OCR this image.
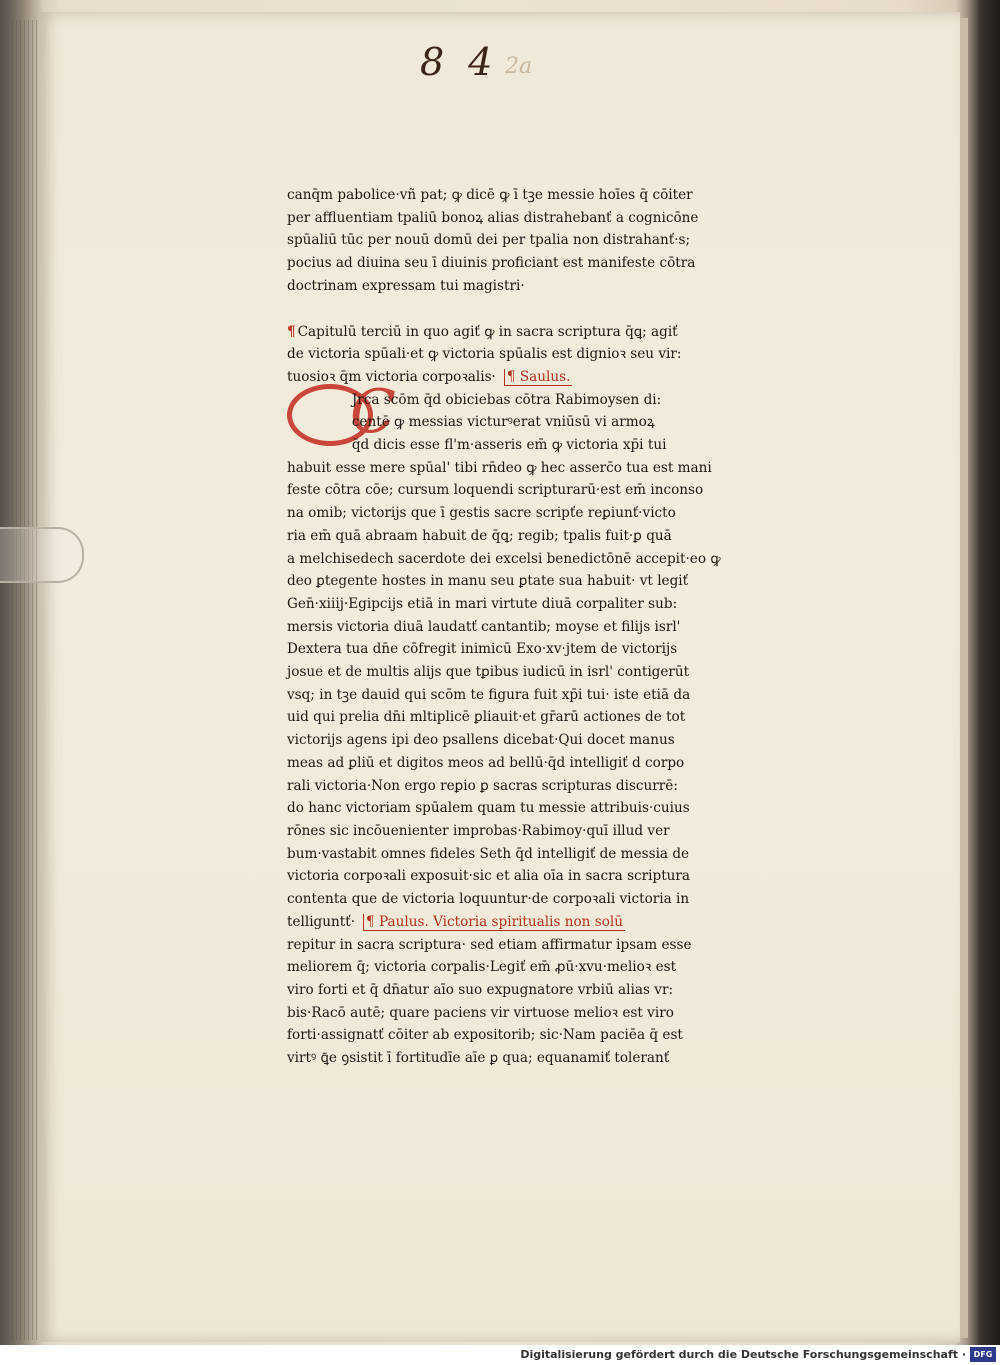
8 4 2a
C
canq̄m pabolice·vñ pat; ꝙ dicē ꝙ ī tꝫe messie hoīes q̄ cōiter
per affluentiam tpaliū bonoꝝ alias distrahebanť a cognicōne
spūaliū tūc per nouū domū dei per tpalia non distrahanť·s;
pocius ad diuina seu ī diuinis proficiant est manifeste cōtra
doctrinam expressam tui magistri·
¶ Capitulū terciū in quo agiť ꝙ in sacra scriptura q̄ꝗ; agiť
de victoria spūali·et ꝙ victoria spūalis est dignioꝛ seu vir:
tuosioꝛ q̄m victoria corpoꝛalis· ¶ Saulus.
Jrca scōm q̄d obiciebas cōtra Rabimoysen di:
centē ꝙ messias victurꝰerat vniūsū vi armoꝝ
q̄d dicis esse fl'm·asseris em̄ ꝙ victoria xp̄i tui
habuit esse mere spūal' tibi rn̄deo ꝙ hec asserc̄o tua est mani
feste cōtra cōe; cursum loquendi scripturarū·est em̄ inconso
na omib; victorijs que ī gestis sacre scripťe reꝑiunť·victo
ria em̄ quā abraam habuit de q̄ꝗ; regib; tpalis fuit·ꝑ quā
a melchisedech sacerdote dei excelsi benedictōnē accepit·eo ꝙ
deo ꝑtegente hostes in manu seu ꝑtate sua habuit· vt legiť
Gen̄·xiiij·Egipcijs etiā in mari virtute diuā corpaliter sub:
mersis victoria diuā laudatť cantantib; moyse et filijs isrl'
Dextera tua dn̄e cōfregit inimicū Exo·xv·jtem de victorijs
josue et de multis alijs que tꝑibus iudicū in isrl' contigerūt
vsq; in tꝫe dauid qui scōm te figura fuit xp̄i tui· iste etiā da
uid qui prelia dn̄i mltiplicē ꝑliauit·et gr̄arū actiones de tot
victorijs agens ipi deo psallens dicebat·Qui docet manus
meas ad ꝑliū et digitos meos ad bellū·q̄d intelligiť d corpo
rali victoria·Non ergo reꝑio ꝑ sacras scripturas discurrē:
do hanc victoriam spūalem quam tu messie attribuis·cuius
rōnes sic incōuenienter improbas·Rabimoy·quī illud ver
bum·vastabit omnes fideles Seth q̄d intelligiť de messia de
victoria corpoꝛali exposuit·sic et alia oīa in sacra scriptura
contenta que de victoria loquuntur·de corpoꝛali victoria in
telliguntť· ¶ Paulus. Victoria spiritualis non solū
repitur in sacra scriptura· sed etiam affirmatur ipsam esse
meliorem q̄; victoria corpalis·Legiť em̄ ꝓū·xvu·melioꝛ est
viro forti et q̄ dn̄atur aīo suo expugnatore vrbiū alias vr:
bis·Racō autē; quare paciens vir virtuose melioꝛ est viro
forti·assignatť cōiter ab expositorib; sic·Nam paciēa q̄ est
virtꝰ ꝗ̄e ꝯsistit ī fortitudīe aīe ꝑ qua; equanamiť toleranť
Digitalisierung gefördert durch die Deutsche Forschungsgemeinschaft · DFG
